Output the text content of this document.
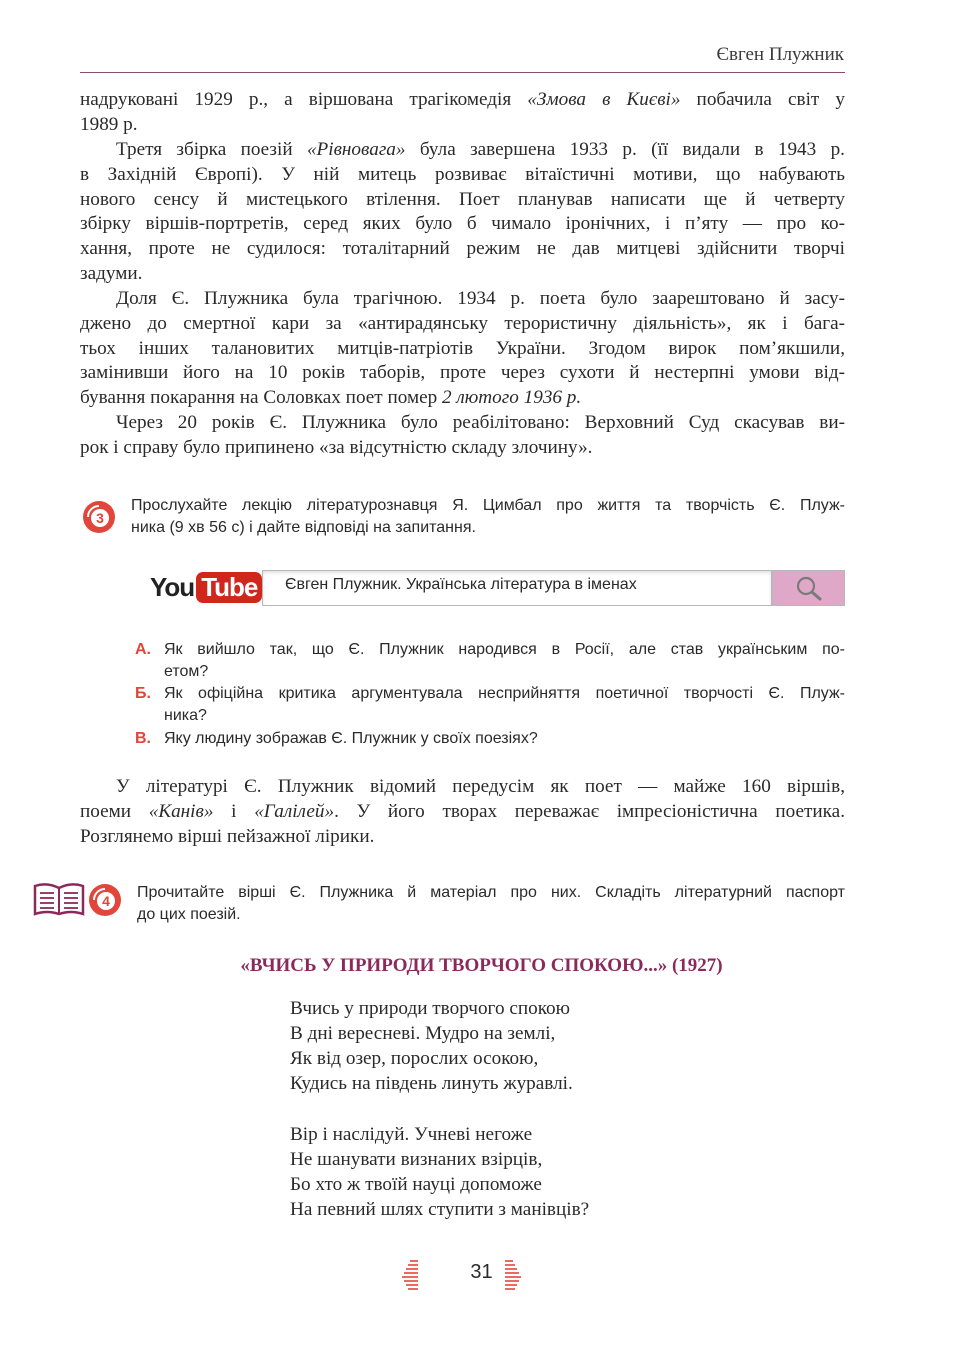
Євген Плужник
надруковані 1929 р., а віршована трагікомедія «Змова в Києві» побачила світ у
1989 р.
Третя збірка поезій «Рівновага» була завершена 1933 р. (її видали в 1943 р.
в Західній Європі). У ній митець розвиває вітаїстичні мотиви, що набувають
нового сенсу й мистецького втілення. Поет планував написати ще й четверту
збірку віршів-портретів, серед яких було б чимало іронічних, і п’яту — про ко-
хання, проте не судилося: тоталітарний режим не дав митцеві здійснити творчі
задуми.
Доля Є. Плужника була трагічною. 1934 р. поета було заарештовано й засу-
джено до смертної кари за «антирадянську терористичну діяльність», як і бага-
тьох інших талановитих митців-патріотів України. Згодом вирок пом’якшили,
замінивши його на 10 років таборів, проте через сухоти й нестерпні умови від-
бування покарання на Соловках поет помер 2 лютого 1936 р.
Через 20 років Є. Плужника було реабілітовано: Верховний Суд скасував ви-
рок і справу було припинено «за відсутністю складу злочину».
3
Прослухайте лекцію літературознавця Я. Цимбал про життя та творчість Є. Плуж-
ника (9 хв 56 с) і дайте відповіді на запитання.
You Tube	Євген Плужник. Українська література в іменах
А. Як вийшло так, що Є. Плужник народився в Росії, але став українським по-
етом?
Б. Як офіційна критика аргументувала несприйняття поетичної творчості Є. Плуж-
ника?
В. Яку людину зображав Є. Плужник у своїх поезіях?
У літературі Є. Плужник відомий передусім як поет — майже 160 віршів,
поеми «Канів» і «Галілей». У його творах переважає імпресіоністична поетика.
Розглянемо вірші пейзажної лірики.
4 Прочитайте вірші Є. Плужника й матеріал про них. Складіть літературний паспорт
до цих поезій.
«ВЧИСЬ У ПРИРОДИ ТВОРЧОГО СПОКОЮ...» (1927)
Вчись у природи творчого спокою
В дні вересневі. Мудро на землі,
Як від озер, порослих осокою,
Кудись на південь линуть журавлі.
Вір і наслідуй. Учневі негоже
Не шанувати визнаних взірців,
Бо хто ж твоїй науці допоможе
На певний шлях ступити з манівців?
31
